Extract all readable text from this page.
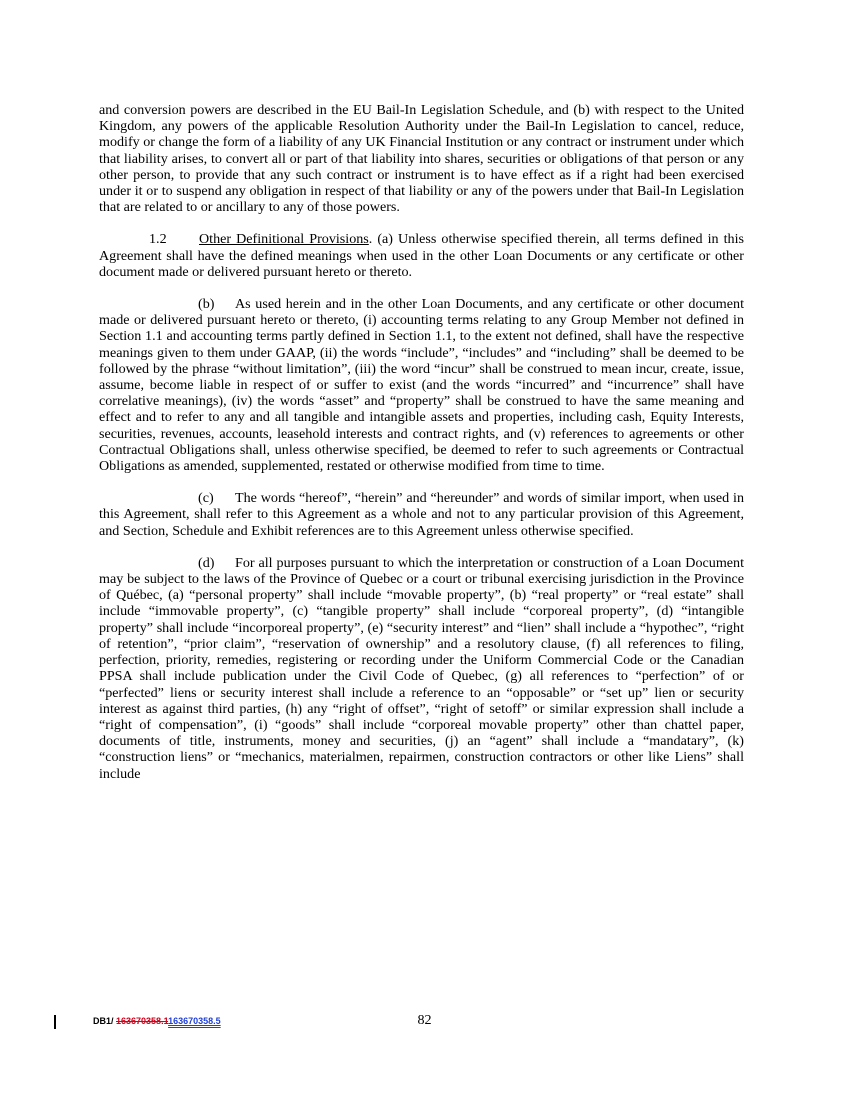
and conversion powers are described in the EU Bail-In Legislation Schedule, and (b) with respect to the United Kingdom, any powers of the applicable Resolution Authority under the Bail-In Legislation to cancel, reduce, modify or change the form of a liability of any UK Financial Institution or any contract or instrument under which that liability arises, to convert all or part of that liability into shares, securities or obligations of that person or any other person, to provide that any such contract or instrument is to have effect as if a right had been exercised under it or to suspend any obligation in respect of that liability or any of the powers under that Bail-In Legislation that are related to or ancillary to any of those powers.

1.2 Other Definitional Provisions. (a) Unless otherwise specified therein, all terms defined in this Agreement shall have the defined meanings when used in the other Loan Documents or any certificate or other document made or delivered pursuant hereto or thereto.

(b) As used herein and in the other Loan Documents, and any certificate or other document made or delivered pursuant hereto or thereto, (i) accounting terms relating to any Group Member not defined in Section 1.1 and accounting terms partly defined in Section 1.1, to the extent not defined, shall have the respective meanings given to them under GAAP, (ii) the words “include”, “includes” and “including” shall be deemed to be followed by the phrase “without limitation”, (iii) the word “incur” shall be construed to mean incur, create, issue, assume, become liable in respect of or suffer to exist (and the words “incurred” and “incurrence” shall have correlative meanings), (iv) the words “asset” and “property” shall be construed to have the same meaning and effect and to refer to any and all tangible and intangible assets and properties, including cash, Equity Interests, securities, revenues, accounts, leasehold interests and contract rights, and (v) references to agreements or other Contractual Obligations shall, unless otherwise specified, be deemed to refer to such agreements or Contractual Obligations as amended, supplemented, restated or otherwise modified from time to time.

(c) The words “hereof”, “herein” and “hereunder” and words of similar import, when used in this Agreement, shall refer to this Agreement as a whole and not to any particular provision of this Agreement, and Section, Schedule and Exhibit references are to this Agreement unless otherwise specified.

(d) For all purposes pursuant to which the interpretation or construction of a Loan Document may be subject to the laws of the Province of Quebec or a court or tribunal exercising jurisdiction in the Province of Québec, (a) “personal property” shall include “movable property”, (b) “real property” or “real estate” shall include “immovable property”, (c) “tangible property” shall include “corporeal property”, (d) “intangible property” shall include “incorporeal property”, (e) “security interest” and “lien” shall include a “hypothec”, “right of retention”, “prior claim”, “reservation of ownership” and a resolutory clause, (f) all references to filing, perfection, priority, remedies, registering or recording under the Uniform Commercial Code or the Canadian PPSA shall include publication under the Civil Code of Quebec, (g) all references to “perfection” of or “perfected” liens or security interest shall include a reference to an “opposable” or “set up” lien or security interest as against third parties, (h) any “right of offset”, “right of setoff” or similar expression shall include a “right of compensation”, (i) “goods” shall include “corporeal movable property” other than chattel paper, documents of title, instruments, money and securities, (j) an “agent” shall include a “mandatary”, (k) “construction liens” or “mechanics, materialmen, repairmen, construction contractors or other like Liens” shall include

DB1/ 163670358.1163670358.5	82
